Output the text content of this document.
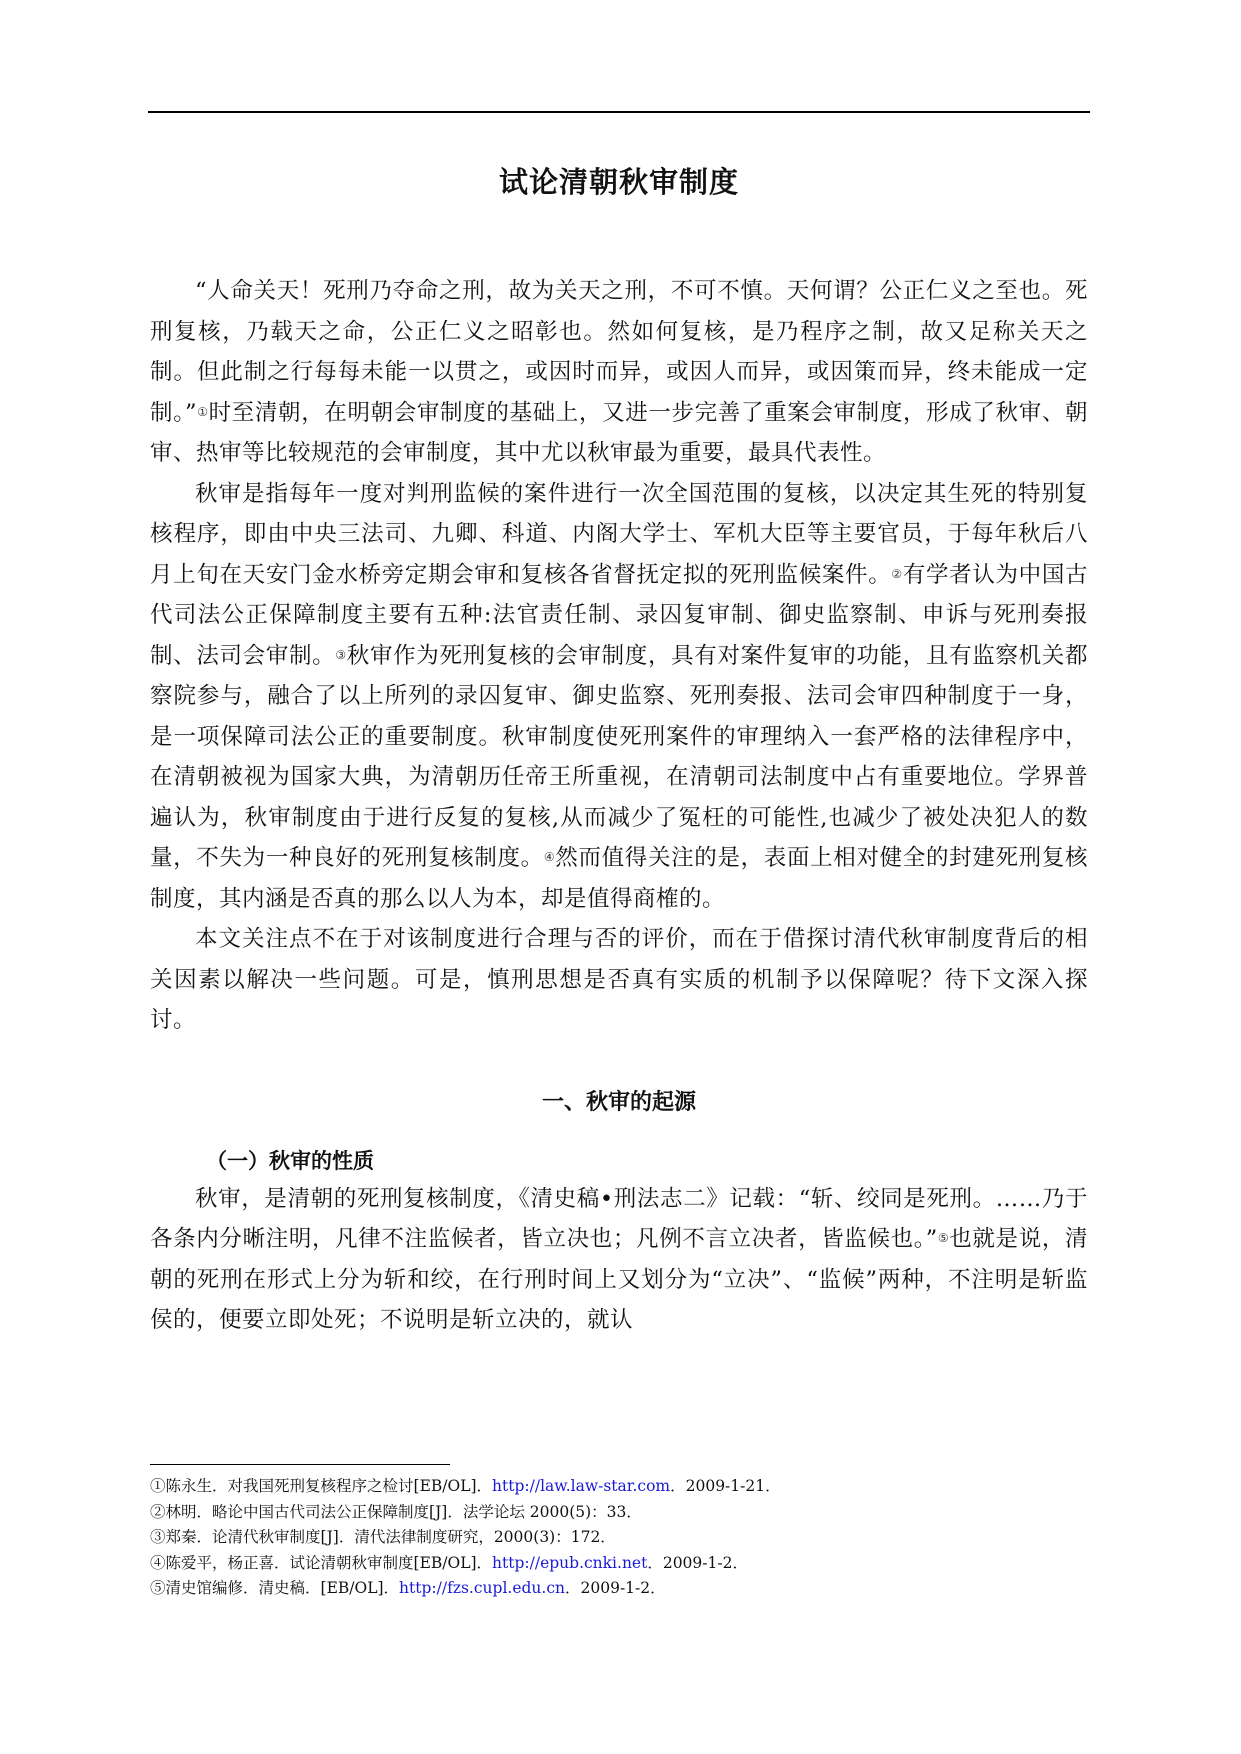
试论清朝秋审制度

“人命关天！死刑乃夺命之刑，故为关天之刑，不可不慎。天何谓？公正仁义之至也。死刑复核，乃载天之命，公正仁义之昭彰也。然如何复核，是乃程序之制，故又足称关天之制。但此制之行每每未能一以贯之，或因时而异，或因人而异，或因策而异，终未能成一定制。”①时至清朝，在明朝会审制度的基础上，又进一步完善了重案会审制度，形成了秋审、朝审、热审等比较规范的会审制度，其中尤以秋审最为重要，最具代表性。

秋审是指每年一度对判刑监候的案件进行一次全国范围的复核，以决定其生死的特别复核程序，即由中央三法司、九卿、科道、内阁大学士、军机大臣等主要官员，于每年秋后八月上旬在天安门金水桥旁定期会审和复核各省督抚定拟的死刑监候案件。②有学者认为中国古代司法公正保障制度主要有五种:法官责任制、录囚复审制、御史监察制、申诉与死刑奏报制、法司会审制。③秋审作为死刑复核的会审制度，具有对案件复审的功能，且有监察机关都察院参与，融合了以上所列的录囚复审、御史监察、死刑奏报、法司会审四种制度于一身，是一项保障司法公正的重要制度。秋审制度使死刑案件的审理纳入一套严格的法律程序中，在清朝被视为国家大典，为清朝历任帝王所重视，在清朝司法制度中占有重要地位。学界普遍认为，秋审制度由于进行反复的复核,从而减少了冤枉的可能性,也减少了被处决犯人的数量，不失为一种良好的死刑复核制度。④然而值得关注的是，表面上相对健全的封建死刑复核制度，其内涵是否真的那么以人为本，却是值得商榷的。

本文关注点不在于对该制度进行合理与否的评价，而在于借探讨清代秋审制度背后的相关因素以解决一些问题。可是，慎刑思想是否真有实质的机制予以保障呢？待下文深入探讨。

一、秋审的起源
（一）秋审的性质

秋审，是清朝的死刑复核制度，《清史稿•刑法志二》记载：“斩、绞同是死刑。……乃于各条内分晰注明，凡律不注监候者，皆立决也；凡例不言立决者，皆监候也。”⑤也就是说，清朝的死刑在形式上分为斩和绞，在行刑时间上又划分为“立决”、“监候”两种，不注明是斩监侯的，便要立即处死；不说明是斩立决的，就认

①陈永生．对我国死刑复核程序之检讨[EB/OL]．http://law.law-star.com．2009-1-21．
②林明．略论中国古代司法公正保障制度[J]．法学论坛 2000(5)：33．
③郑秦．论清代秋审制度[J]．清代法律制度研究，2000(3)：172．
④陈爱平，杨正喜．试论清朝秋审制度[EB/OL]．http://epub.cnki.net．2009-1-2．
⑤清史馆编修．清史稿．[EB/OL]．http://fzs.cupl.edu.cn．2009-1-2．
